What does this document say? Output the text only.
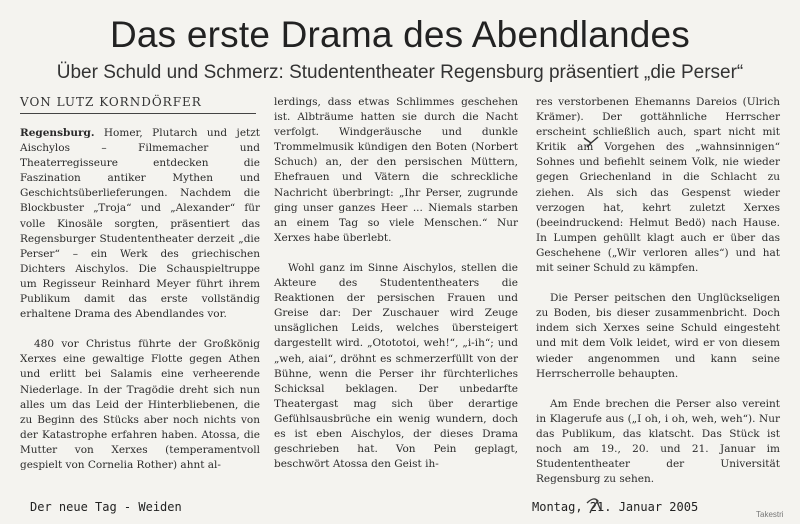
Das erste Drama des Abendlandes
Über Schuld und Schmerz: Studententheater Regensburg präsentiert „die Perser“
VON LUTZ KORNDÖRFER

Regensburg. Homer, Plutarch und jetzt Aischylos – Filmemacher und Theaterregisseure entdecken die Faszination antiker Mythen und Geschichtsüberlieferungen. Nachdem die Blockbuster „Troja“ und „Alexander“ für volle Kinosäle sorgten, präsentiert das Regensburger Studententheater derzeit „die Perser“ – ein Werk des griechischen Dichters Aischylos. Die Schauspieltruppe um Regisseur Reinhard Meyer führt ihrem Publikum damit das erste vollständig erhaltene Drama des Abendlandes vor.

480 vor Christus führte der Großkönig Xerxes eine gewaltige Flotte gegen Athen und erlitt bei Salamis eine verheerende Niederlage. In der Tragödie dreht sich nun alles um das Leid der Hinterbliebenen, die zu Beginn des Stücks aber noch nichts von der Katastrophe erfahren haben. Atossa, die Mutter von Xerxes (temperamentvoll gespielt von Cornelia Rother) ahnt al-

lerdings, dass etwas Schlimmes geschehen ist. Albträume hatten sie durch die Nacht verfolgt. Windgeräusche und dunkle Trommelmusik kündigen den Boten (Norbert Schuch) an, der den persischen Müttern, Ehefrauen und Vätern die schreckliche Nachricht überbringt: „Ihr Perser, zugrunde ging unser ganzes Heer ... Niemals starben an einem Tag so viele Menschen.“ Nur Xerxes habe überlebt.

Wohl ganz im Sinne Aischylos, stellen die Akteure des Studententheaters die Reaktionen der persischen Frauen und Greise dar: Der Zuschauer wird Zeuge unsäglichen Leids, welches übersteigert dargestellt wird. „Otototoi, weh!“, „i-ih“; und „weh, aiai“, dröhnt es schmerzerfüllt von der Bühne, wenn die Perser ihr fürchterliches Schicksal beklagen. Der unbedarfte Theatergast mag sich über derartige Gefühlsausbrüche ein wenig wundern, doch es ist eben Aischylos, der dieses Drama geschrieben hat. Von Pein geplagt, beschwört Atossa den Geist ih-

res verstorbenen Ehemanns Dareios (Ulrich Krämer). Der gottähnliche Herrscher erscheint schließlich auch, spart nicht mit Kritik am Vorgehen des „wahnsinnigen“ Sohnes und befiehlt seinem Volk, nie wieder gegen Griechenland in die Schlacht zu ziehen. Als sich das Gespenst wieder verzogen hat, kehrt zuletzt Xerxes (beeindruckend: Helmut Bedö) nach Hause. In Lumpen gehüllt klagt auch er über das Geschehene („Wir verloren alles“) und hat mit seiner Schuld zu kämpfen.

Die Perser peitschen den Unglückseligen zu Boden, bis dieser zusammenbricht. Doch indem sich Xerxes seine Schuld eingesteht und mit dem Volk leidet, wird er von diesem wieder angenommen und kann seine Herrscherrolle behaupten.

Am Ende brechen die Perser also vereint in Klagerufe aus („I oh, i oh, weh, weh“). Nur das Publikum, das klatscht. Das Stück ist noch am 19., 20. und 21. Januar im Studententheater der Universität Regensburg zu sehen.

Der neue Tag - Weiden	Montag, 21. Januar 2005
Takestri
